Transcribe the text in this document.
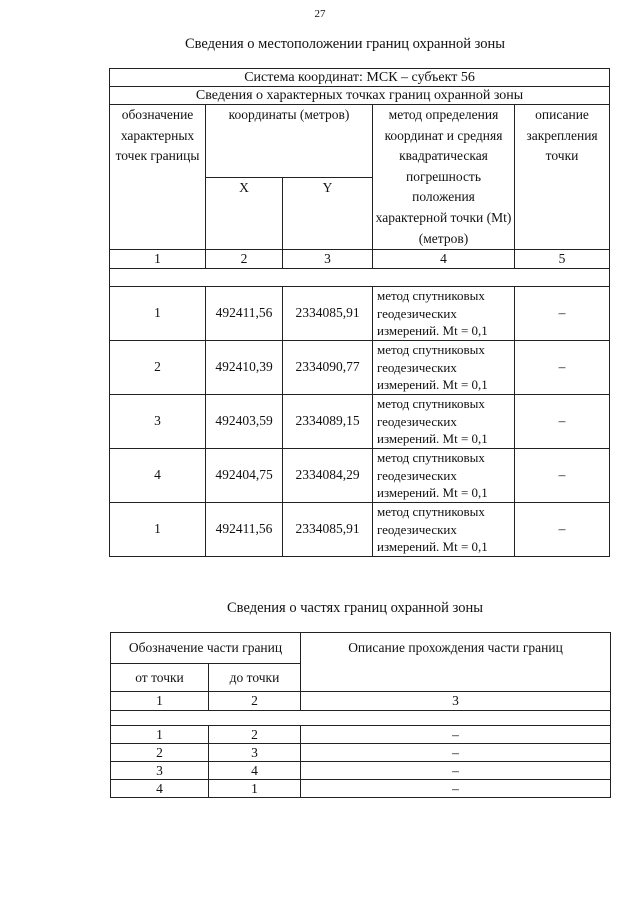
27
Сведения о местоположении границ охранной зоны
Система координат: МСК – субъект 56				
Сведения о характерных точках границ охранной зоны				
обозначение характерных точек границы	координаты (метров)		метод определения координат и средняя квадратическая погрешность положения характерной точки (Mt) (метров)	описание закрепления точки
	X	Y		
1	2	3	4	5

1	492411,56	2334085,91	метод спутниковых геодезических измерений. Mt = 0,1	–
2	492410,39	2334090,77	метод спутниковых геодезических измерений. Mt = 0,1	–
3	492403,59	2334089,15	метод спутниковых геодезических измерений. Mt = 0,1	–
4	492404,75	2334084,29	метод спутниковых геодезических измерений. Mt = 0,1	–
1	492411,56	2334085,91	метод спутниковых геодезических измерений. Mt = 0,1	–
Сведения о частях границ охранной зоны
Обозначение части границ		Описание прохождения части границ
от точки	до точки	
1	2	3

1	2	–
2	3	–
3	4	–
4	1	–
